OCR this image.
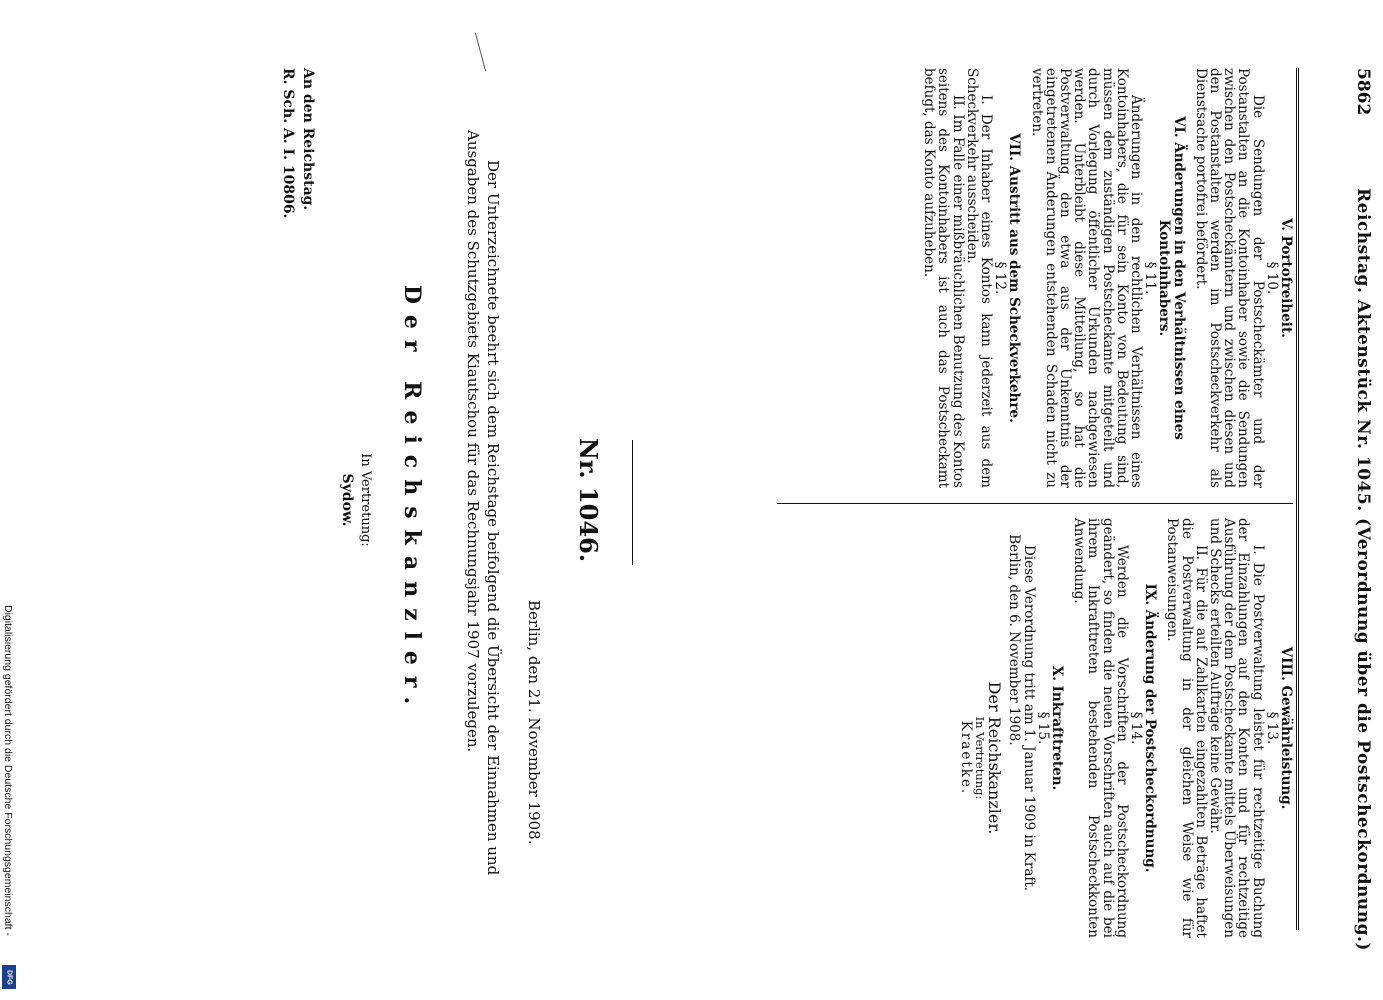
5862
Reichstag. Aktenstück Nr. 1045. (Verordnung über die Postscheckordnung.)
V. Portofreiheit.
§ 10.

Die Sendungen der Postscheckämter und der Postanstalten an die Kontoinhaber sowie die Sendungen zwischen den Postscheckämtern und zwischen diesen und den Postanstalten werden im Postscheckverkehr als Dienstsache portofrei befördert.

VI. Änderungen in den Verhältnissen eines Kontoinhabers.
§ 11.

Änderungen in den rechtlichen Verhältnissen eines Kontoinhabers, die für sein Konto von Bedeutung sind, müssen dem zuständigen Postscheckamte mitgeteilt und durch Vorlegung öffentlicher Urkunden nachgewiesen werden. Unterbleibt diese Mitteilung, so hat die Postverwaltung den etwa aus der Unkenntnis der eingetretenen Änderungen entstehenden Schaden nicht zu vertreten.

VII. Austritt aus dem Scheckverkehre.
§ 12.

I. Der Inhaber eines Kontos kann jederzeit aus dem Scheckverkehr ausscheiden.

II. Im Falle einer mißbräuchlichen Benutzung des Kontos seitens des Kontoinhabers ist auch das Postscheckamt befugt, das Konto aufzuheben.

VIII. Gewährleistung.
§ 13.

I. Die Postverwaltung leistet für rechtzeitige Buchung der Einzahlungen auf den Konten und für rechtzeitige Ausführung der dem Postscheckamte mittels Überweisungen und Schecks erteilten Aufträge keine Gewähr.

II. Für die auf Zahlkarten eingezahlten Beträge haftet die Postverwaltung in der gleichen Weise wie für Postanweisungen.

IX. Änderung der Postscheckordnung.
§ 14.

Werden die Vorschriften der Postscheckordnung geändert, so finden die neuen Vorschriften auch auf die bei ihrem Inkrafttreten bestehenden Postscheckkonten Anwendung.

X. Inkrafttreten.
§ 15.

Diese Verordnung tritt am 1. Januar 1909 in Kraft.

Berlin, den 6. November 1908.

Der Reichskanzler.
In Vertretung:
Kraetke.
Nr. 1046.
Berlin, den 21. November 1908.
Der Unterzeichnete beehrt sich dem Reichstage beifolgend die Übersicht der Einnahmen und Ausgaben des Schutzgebiets Kiautschou für das Rechnungsjahr 1907 vorzulegen.
Der Reichskanzler.
In Vertretung:
Sydow.
An den Reichstag.
R. Sch. A. I. 10806.
Digitalisierung gefördert durch die Deutsche Forschungsgemeinschaft -
DFG
